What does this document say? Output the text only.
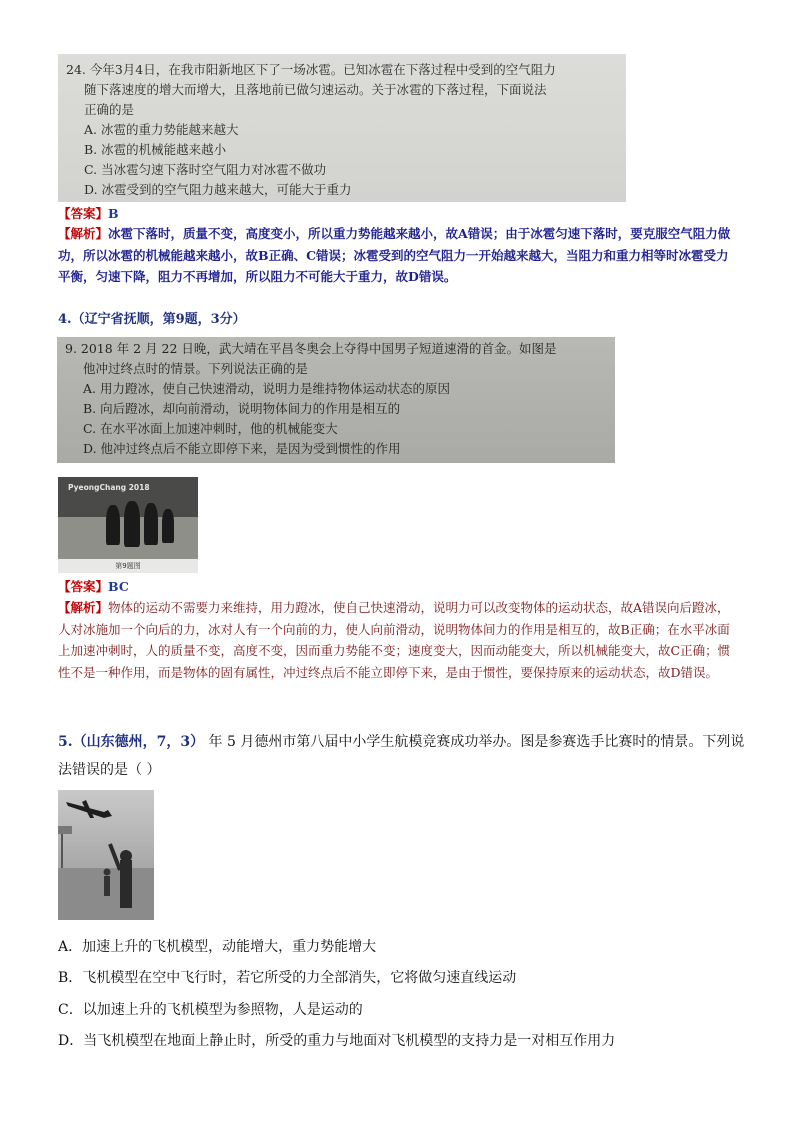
24. 今年3月4日，在我市阳新地区下了一场冰雹。已知冰雹在下落过程中受到的空气阻力
随下落速度的增大而增大，且落地前已做匀速运动。关于冰雹的下落过程，下面说法
正确的是
A. 冰雹的重力势能越来越大
B. 冰雹的机械能越来越小
C. 当冰雹匀速下落时空气阻力对冰雹不做功
D. 冰雹受到的空气阻力越来越大，可能大于重力
【答案】B
【解析】冰雹下落时，质量不变，高度变小，所以重力势能越来越小，故A错误；由于冰雹匀速下落时，要克服空气阻力做功，所以冰雹的机械能越来越小，故B正确、C错误；冰雹受到的空气阻力一开始越来越大，当阻力和重力相等时冰雹受力平衡，匀速下降，阻力不再增加，所以阻力不可能大于重力，故D错误。
4.（辽宁省抚顺，第9题，3分）
9. 2018 年 2 月 22 日晚，武大靖在平昌冬奥会上夺得中国男子短道速滑的首金。如图是
他冲过终点时的情景。下列说法正确的是
A. 用力蹬冰，使自己快速滑动，说明力是维持物体运动状态的原因
B. 向后蹬冰，却向前滑动，说明物体间力的作用是相互的
C. 在水平冰面上加速冲刺时，他的机械能变大
D. 他冲过终点后不能立即停下来，是因为受到惯性的作用
PyeongChang 2018
第9题图
【答案】BC
【解析】物体的运动不需要力来维持，用力蹬冰，使自己快速滑动，说明力可以改变物体的运动状态，故A错误向后蹬冰，人对冰施加一个向后的力，冰对人有一个向前的力，使人向前滑动，说明物体间力的作用是相互的，故B正确；在水平冰面上加速冲刺时，人的质量不变，高度不变，因而重力势能不变；速度变大，因而动能变大，所以机械能变大，故C正确；惯性不是一种作用，而是物体的固有属性，冲过终点后不能立即停下来，是由于惯性，要保持原来的运动状态，故D错误。
5.（山东德州，7，3） 年 5 月德州市第八届中小学生航模竞赛成功举办。图是参赛选手比赛时的情景。下列说法错误的是（ ）
A．加速上升的飞机模型，动能增大，重力势能增大
B．飞机模型在空中飞行时，若它所受的力全部消失，它将做匀速直线运动
C．以加速上升的飞机模型为参照物，人是运动的
D．当飞机模型在地面上静止时，所受的重力与地面对飞机模型的支持力是一对相互作用力
